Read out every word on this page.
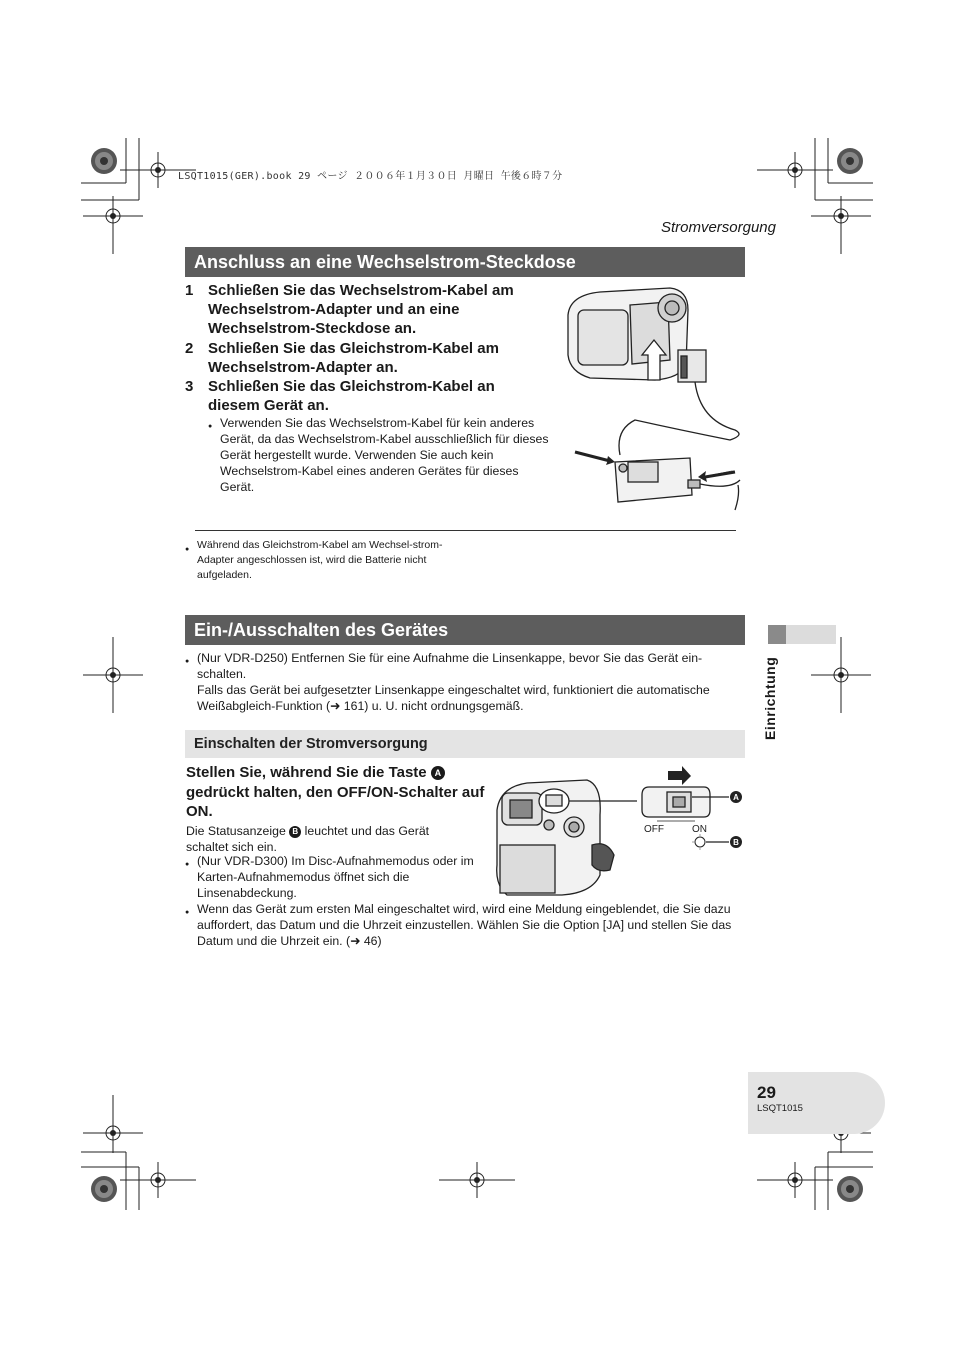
LSQT1015(GER).book 29 ページ ２００６年１月３０日 月曜日 午後６時７分
Stromversorgung
Anschluss an eine Wechselstrom-Steckdose
1 Schließen Sie das Wechselstrom-Kabel am Wechselstrom-Adapter und an eine Wechselstrom-Steckdose an.
2 Schließen Sie das Gleichstrom-Kabel am Wechselstrom-Adapter an.
3 Schließen Sie das Gleichstrom-Kabel an diesem Gerät an.
● Verwenden Sie das Wechselstrom-Kabel für kein anderes Gerät, da das Wechselstrom-Kabel ausschließlich für dieses Gerät hergestellt wurde. Verwenden Sie auch kein Wechselstrom-Kabel eines anderen Gerätes für dieses Gerät.
● Während das Gleichstrom-Kabel am Wechsel-strom-Adapter angeschlossen ist, wird die Batterie nicht aufgeladen.
Ein-/Ausschalten des Gerätes
● (Nur VDR-D250) Entfernen Sie für eine Aufnahme die Linsenkappe, bevor Sie das Gerät ein-schalten.
Falls das Gerät bei aufgesetzter Linsenkappe eingeschaltet wird, funktioniert die automatische Weißabgleich-Funktion (➜ 161) u. U. nicht ordnungsgemäß.
Einschalten der Stromversorgung
Stellen Sie, während Sie die Taste A gedrückt halten, den OFF/ON-Schalter auf ON.
Die Statusanzeige B leuchtet und das Gerät schaltet sich ein.
● (Nur VDR-D300) Im Disc-Aufnahmemodus oder im Karten-Aufnahmemodus öffnet sich die Linsenabdeckung.
● Wenn das Gerät zum ersten Mal eingeschaltet wird, wird eine Meldung eingeblendet, die Sie dazu auffordert, das Datum und die Uhrzeit einzustellen. Wählen Sie die Option [JA] und stellen Sie das Datum und die Uhrzeit ein. (➜ 46)
A
OFF	ON
B
Einrichtung
29
LSQT1015
